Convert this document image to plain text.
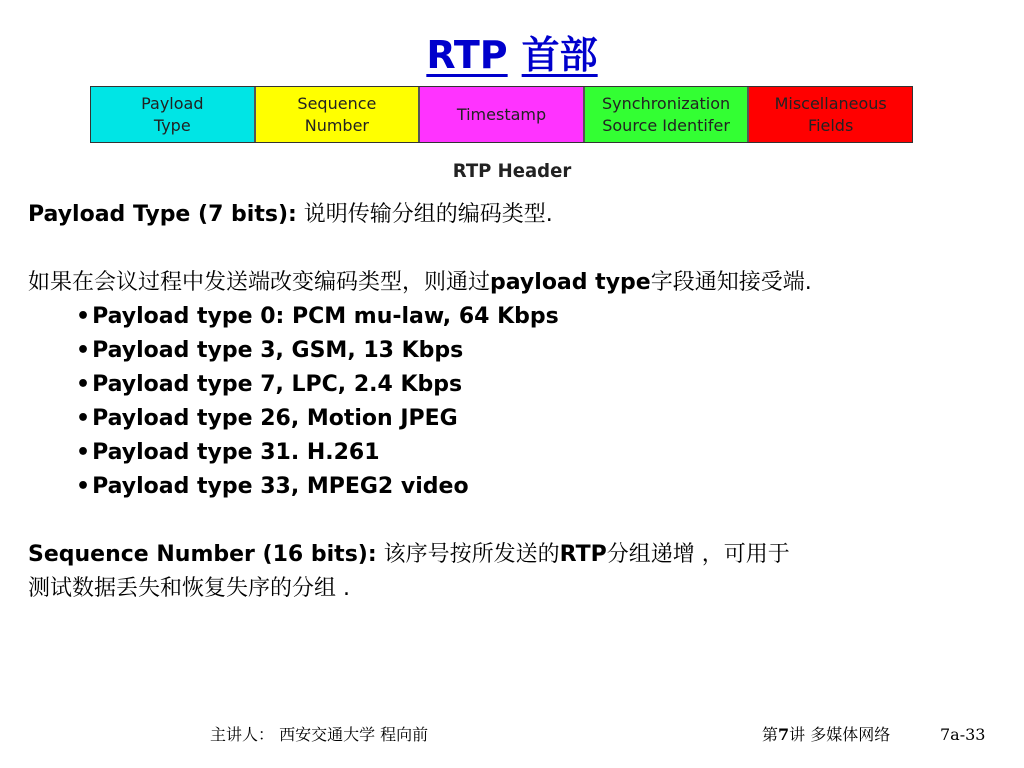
RTP 首部
Payload
Type
Sequence
Number
Timestamp
Synchronization
Source Identifer
Miscellaneous
Fields
RTP Header
Payload Type (7 bits): 说明传输分组的编码类型.
如果在会议过程中发送端改变编码类型，则通过payload type字段通知接受端.
•Payload type 0: PCM mu-law, 64 Kbps
•Payload type 3, GSM, 13 Kbps
•Payload type 7, LPC, 2.4 Kbps
•Payload type 26, Motion JPEG
•Payload type 31. H.261
•Payload type 33, MPEG2 video
Sequence Number (16 bits): 该序号按所发送的RTP分组递增 ，可用于
测试数据丢失和恢复失序的分组 .
主讲人： 西安交通大学 程向前	第7讲 多媒体网络	7a-33
